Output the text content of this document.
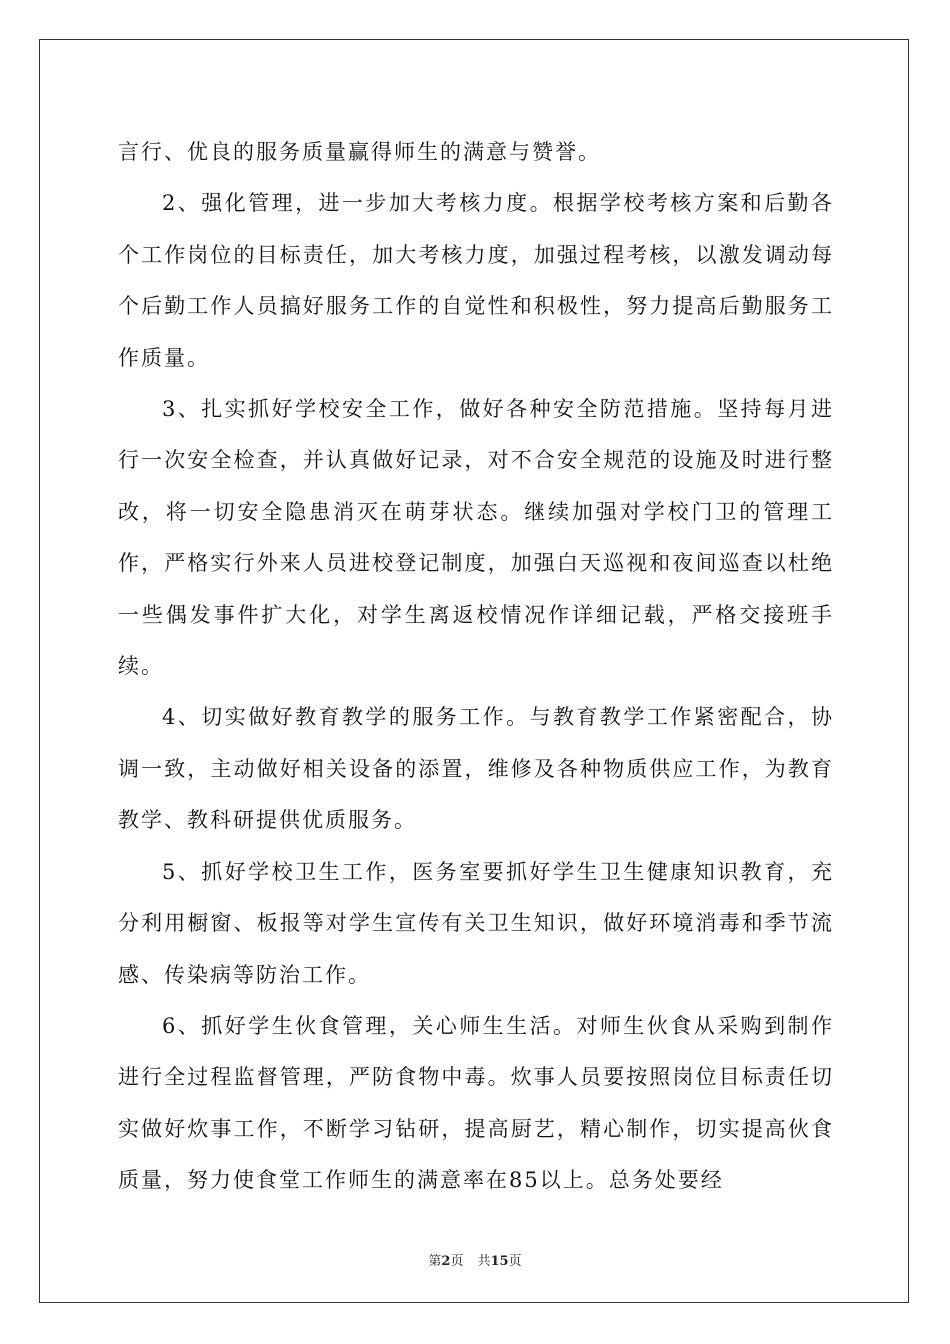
言行、优良的服务质量赢得师生的满意与赞誉。

2、强化管理，进一步加大考核力度。根据学校考核方案和后勤各个工作岗位的目标责任，加大考核力度，加强过程考核，以激发调动每个后勤工作人员搞好服务工作的自觉性和积极性，努力提高后勤服务工作质量。

3、扎实抓好学校安全工作，做好各种安全防范措施。坚持每月进行一次安全检查，并认真做好记录，对不合安全规范的设施及时进行整改，将一切安全隐患消灭在萌芽状态。继续加强对学校门卫的管理工作，严格实行外来人员进校登记制度，加强白天巡视和夜间巡查以杜绝一些偶发事件扩大化，对学生离返校情况作详细记载，严格交接班手续。

4、切实做好教育教学的服务工作。与教育教学工作紧密配合，协调一致，主动做好相关设备的添置，维修及各种物质供应工作，为教育教学、教科研提供优质服务。

5、抓好学校卫生工作，医务室要抓好学生卫生健康知识教育，充分利用橱窗、板报等对学生宣传有关卫生知识，做好环境消毒和季节流感、传染病等防治工作。

6、抓好学生伙食管理，关心师生生活。对师生伙食从采购到制作进行全过程监督管理，严防食物中毒。炊事人员要按照岗位目标责任切实做好炊事工作，不断学习钻研，提高厨艺，精心制作，切实提高伙食质量，努力使食堂工作师生的满意率在85以上。总务处要经

第2页 共15页
